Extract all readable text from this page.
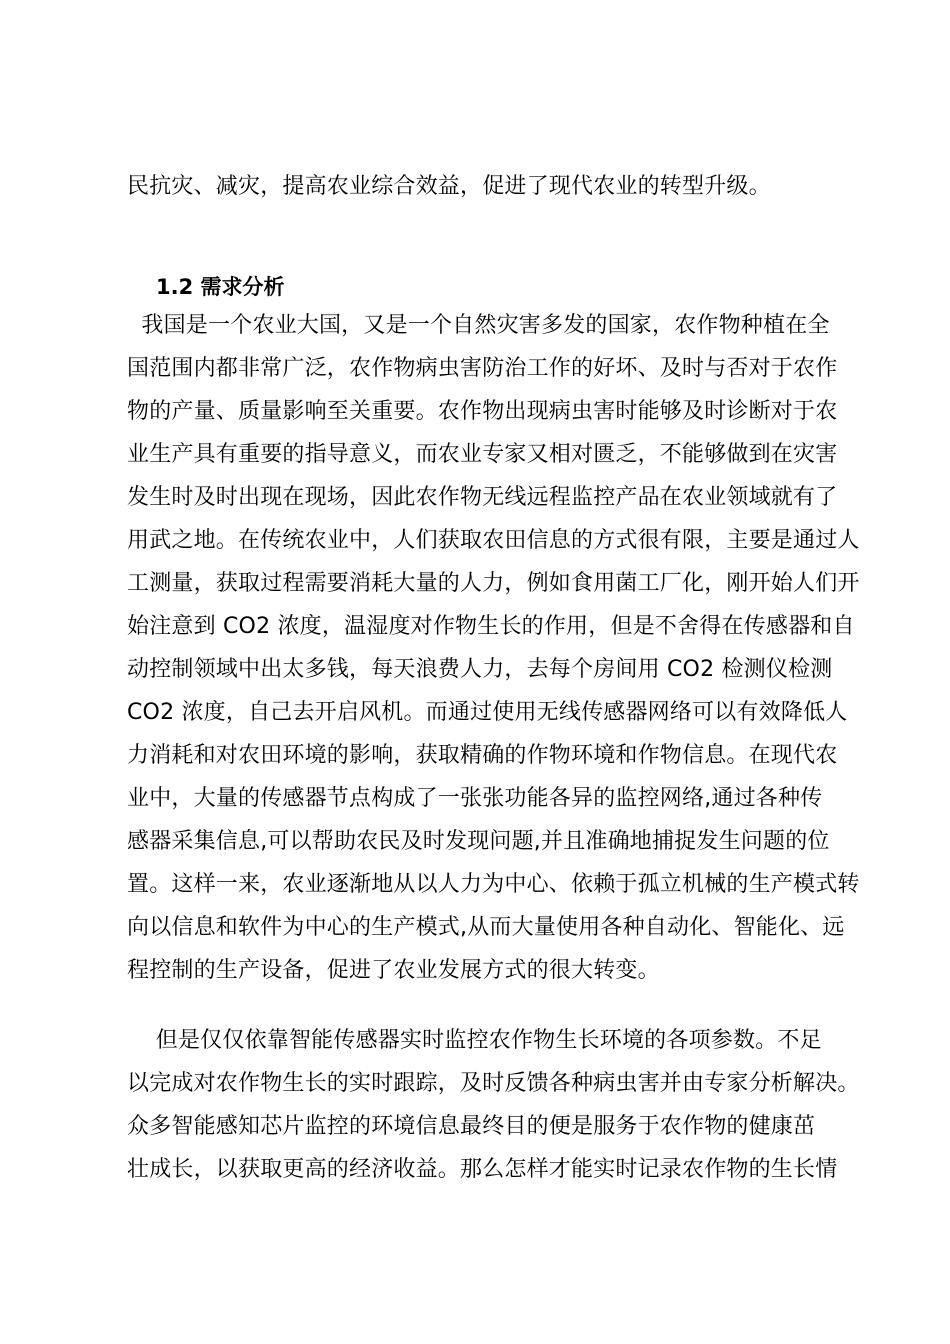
民抗灾、减灾，提高农业综合效益，促进了现代农业的转型升级。
1.2 需求分析
我国是一个农业大国，又是一个自然灾害多发的国家，农作物种植在全
国范围内都非常广泛，农作物病虫害防治工作的好坏、及时与否对于农作
物的产量、质量影响至关重要。农作物出现病虫害时能够及时诊断对于农
业生产具有重要的指导意义，而农业专家又相对匮乏，不能够做到在灾害
发生时及时出现在现场，因此农作物无线远程监控产品在农业领域就有了
用武之地。在传统农业中，人们获取农田信息的方式很有限，主要是通过人
工测量，获取过程需要消耗大量的人力，例如食用菌工厂化，刚开始人们开
始注意到 CO2 浓度，温湿度对作物生长的作用，但是不舍得在传感器和自
动控制领域中出太多钱，每天浪费人力，去每个房间用 CO2 检测仪检测
CO2 浓度，自己去开启风机。而通过使用无线传感器网络可以有效降低人
力消耗和对农田环境的影响，获取精确的作物环境和作物信息。在现代农
业中，大量的传感器节点构成了一张张功能各异的监控网络,通过各种传
感器采集信息,可以帮助农民及时发现问题,并且准确地捕捉发生问题的位
置。这样一来，农业逐渐地从以人力为中心、依赖于孤立机械的生产模式转
向以信息和软件为中心的生产模式,从而大量使用各种自动化、智能化、远
程控制的生产设备，促进了农业发展方式的很大转变。
但是仅仅依靠智能传感器实时监控农作物生长环境的各项参数。不足
以完成对农作物生长的实时跟踪，及时反馈各种病虫害并由专家分析解决。
众多智能感知芯片监控的环境信息最终目的便是服务于农作物的健康茁
壮成长，以获取更高的经济收益。那么怎样才能实时记录农作物的生长情
